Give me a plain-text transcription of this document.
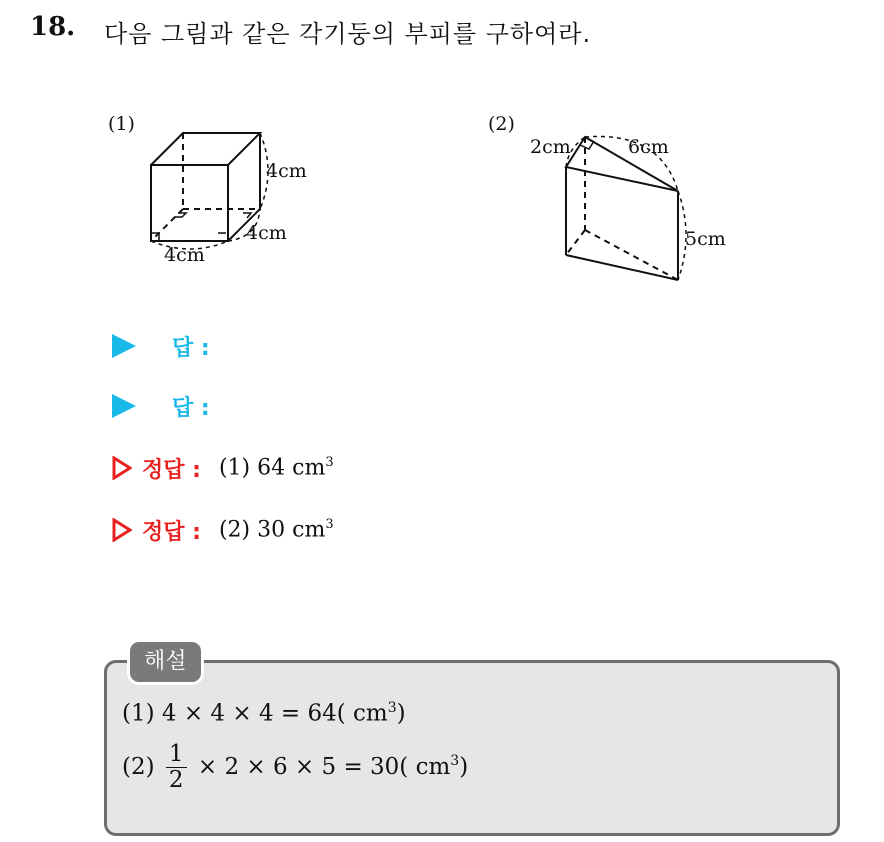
18. 다음 그림과 같은 각기둥의 부피를 구하여라.
(1)
4cm
4cm
4cm
(2)
2cm	6cm
5cm
답 :
답 :
정답 : (1) 64 $cm^3$
정답 : (2) 30 $cm^3$
해설
(1) 4 × 4 × 4 = 64( $cm^3$)
$(2) \frac{1}{2} \times 2 \times 6 \times 5 = 30$( $cm^3$)
